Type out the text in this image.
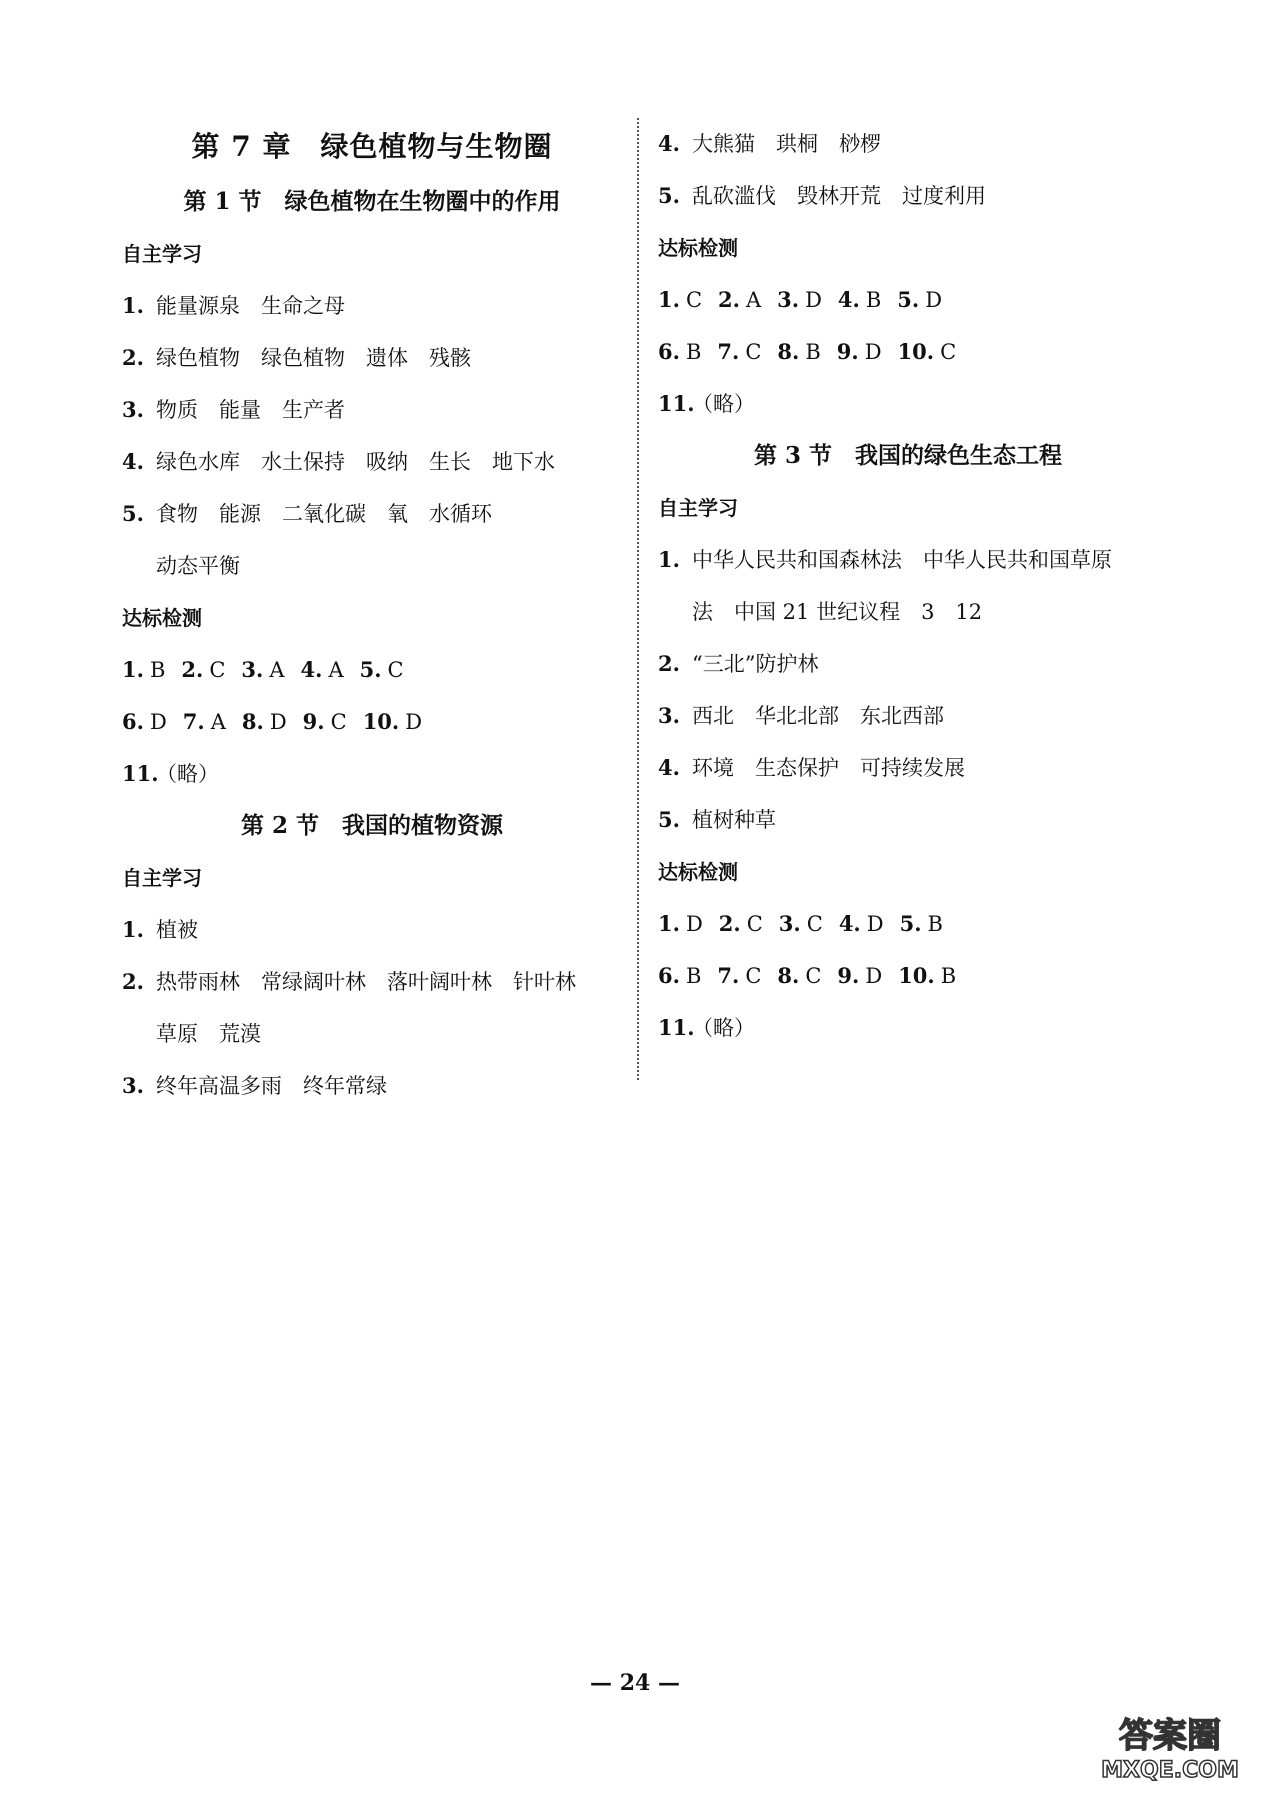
第 7 章　绿色植物与生物圈
第 1 节　绿色植物在生物圈中的作用
自主学习
1. 能量源泉　生命之母
2. 绿色植物　绿色植物　遗体　残骸
3. 物质　能量　生产者
4. 绿色水库　水土保持　吸纳　生长　地下水
5. 食物　能源　二氧化碳　氧　水循环
动态平衡
达标检测
1. B 2. C 3. A 4. A 5. C
6. D 7. A 8. D 9. C 10. D
11.
（略）
第 2 节　我国的植物资源
自主学习
1. 植被
2. 热带雨林　常绿阔叶林　落叶阔叶林　针叶林
草原　荒漠
3. 终年高温多雨　终年常绿
4. 大熊猫　珙桐　桫椤
5. 乱砍滥伐　毁林开荒　过度利用
达标检测
1. C 2. A 3. D 4. B 5. D
6. B 7. C 8. B 9. D 10. C
11.
（略）
第 3 节　我国的绿色生态工程
自主学习
1. 中华人民共和国森林法　中华人民共和国草原
法　中国 21 世纪议程　3　12
2. “三北”防护林
3. 西北　华北北部　东北西部
4. 环境　生态保护　可持续发展
5. 植树种草
达标检测
1. D 2. C 3. C 4. D 5. B
6. B 7. C 8. C 9. D 10. B
11.
（略）
— 24 —
答案圈
MXQE.COM
